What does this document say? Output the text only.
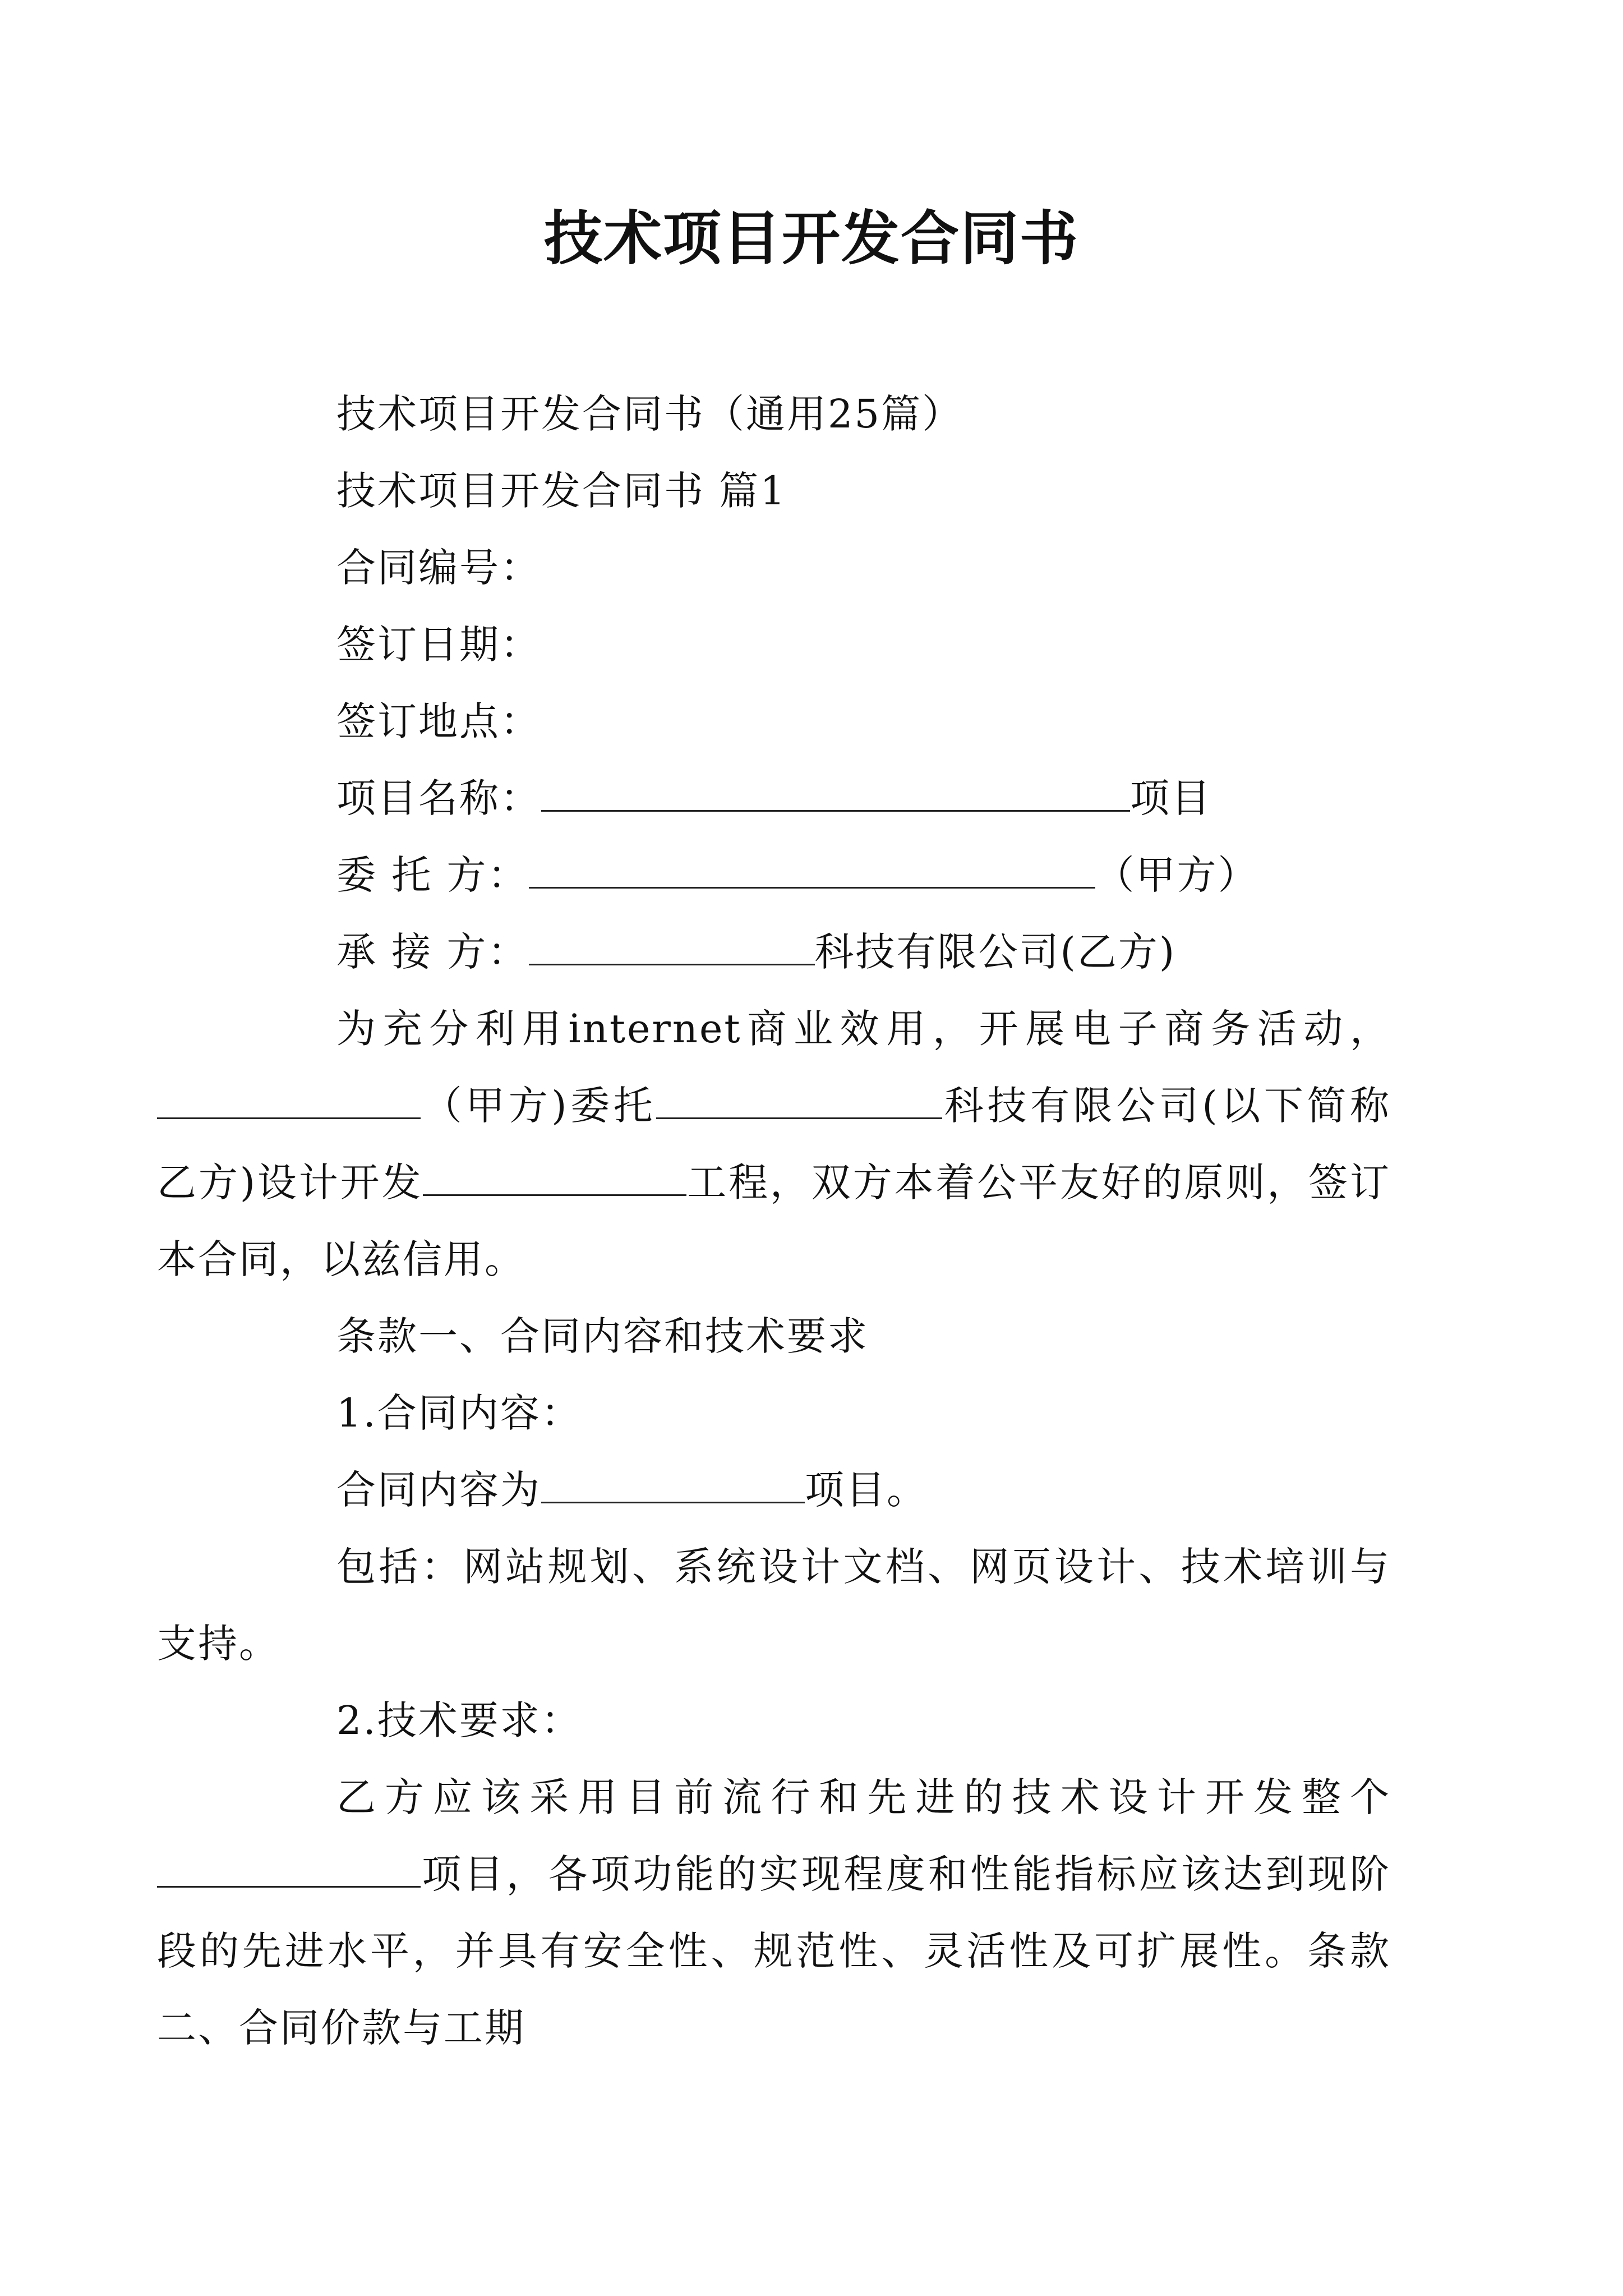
技术项目开发合同书

技术项目开发合同书（通用25篇）

技术项目开发合同书 篇1

合同编号：

签订日期：

签订地点：

项目名称：	项目

委 托 方：	（甲方）

承 接 方：	科技有限公司(乙方)

为充分利用internet商业效用，开展电子商务活动，（甲方)委托	科技有限公司(以下简称乙方)设计开发	工程，双方本着公平友好的原则，签订本合同，以兹信用。

条款一、合同内容和技术要求

1.合同内容：

合同内容为	项目。

包括：网站规划、系统设计文档、网页设计、技术培训与支持。

2.技术要求：

乙方应该采用目前流行和先进的技术设计开发整个项目，各项功能的实现程度和性能指标应该达到现阶段的先进水平，并具有安全性、规范性、灵活性及可扩展性。条款二、合同价款与工期
